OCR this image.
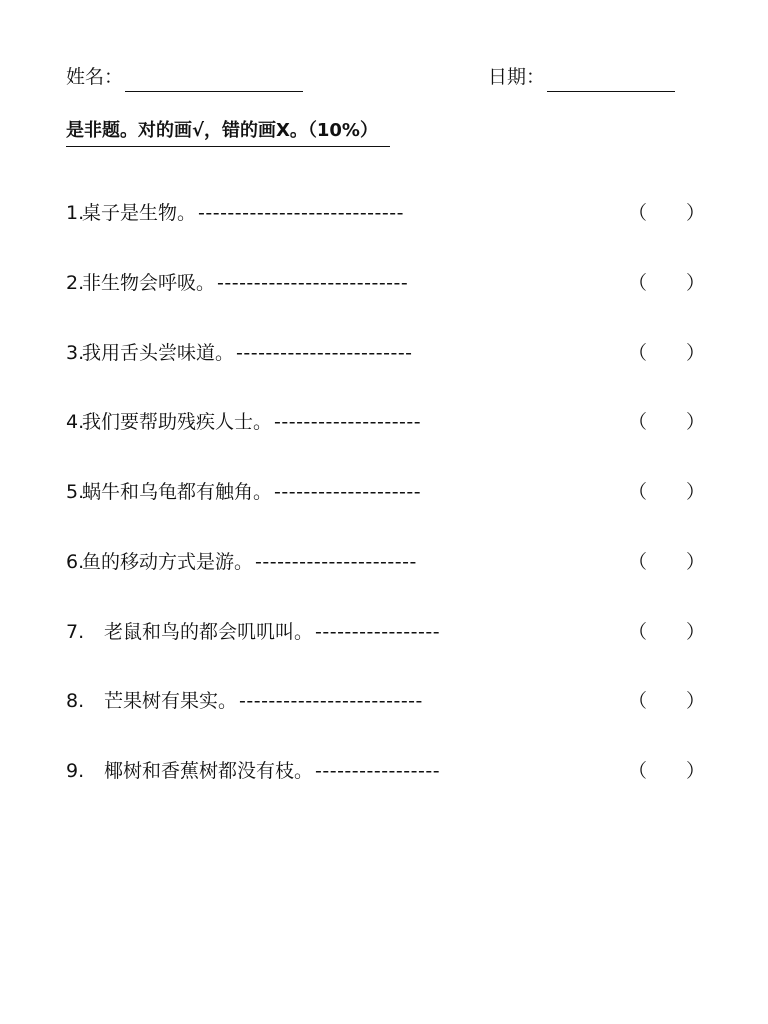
姓名：	日期：
是非题。对的画√，错的画X。（10%）
1.
桌子是生物。 ----------------------------	（ ）
2.
非生物会呼吸。 --------------------------	（ ）
3.
我用舌头尝味道。 ------------------------	（ ）
4.
我们要帮助残疾人士。 --------------------	（ ）
5.
蜗牛和乌龟都有触角。 --------------------	（ ）
6.
鱼的移动方式是游。 ----------------------	（ ）
7. 老鼠和鸟的都会叽叽叫。 -----------------	（ ）
8. 芒果树有果实。 -------------------------	（ ）
9. 椰树和香蕉树都没有枝。 -----------------	（ ）
